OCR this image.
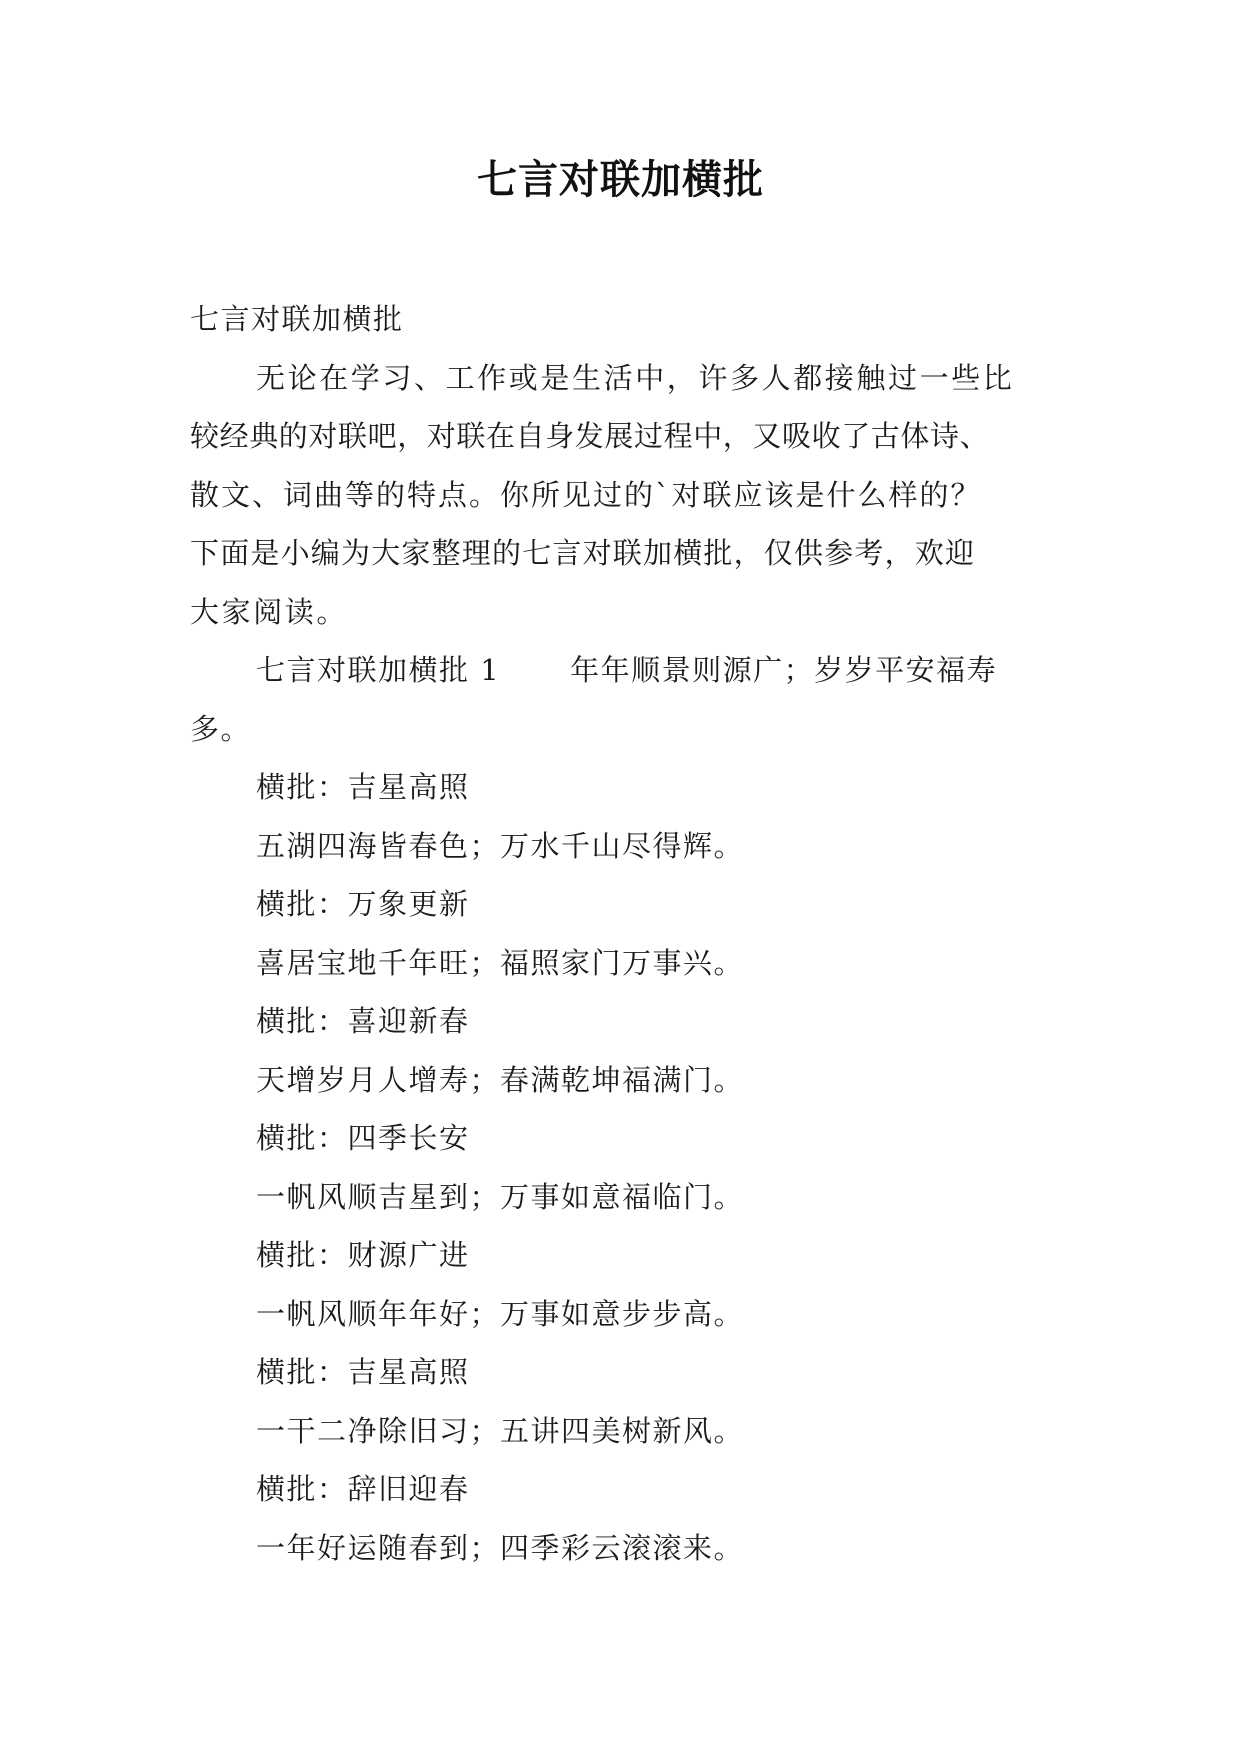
七言对联加横批
七言对联加横批
无论在学习、工作或是生活中，许多人都接触过一些比
较经典的对联吧，对联在自身发展过程中，又吸收了古体诗、
散文、词曲等的特点。你所见过的`对联应该是什么样的？
下面是小编为大家整理的七言对联加横批，仅供参考，欢迎
大家阅读。
七言对联加横批 1 年年顺景则源广；岁岁平安福寿
多。
横批：吉星高照
五湖四海皆春色；万水千山尽得辉。
横批：万象更新
喜居宝地千年旺；福照家门万事兴。
横批：喜迎新春
天增岁月人增寿；春满乾坤福满门。
横批：四季长安
一帆风顺吉星到；万事如意福临门。
横批：财源广进
一帆风顺年年好；万事如意步步高。
横批：吉星高照
一干二净除旧习；五讲四美树新风。
横批：辞旧迎春
一年好运随春到；四季彩云滚滚来。
